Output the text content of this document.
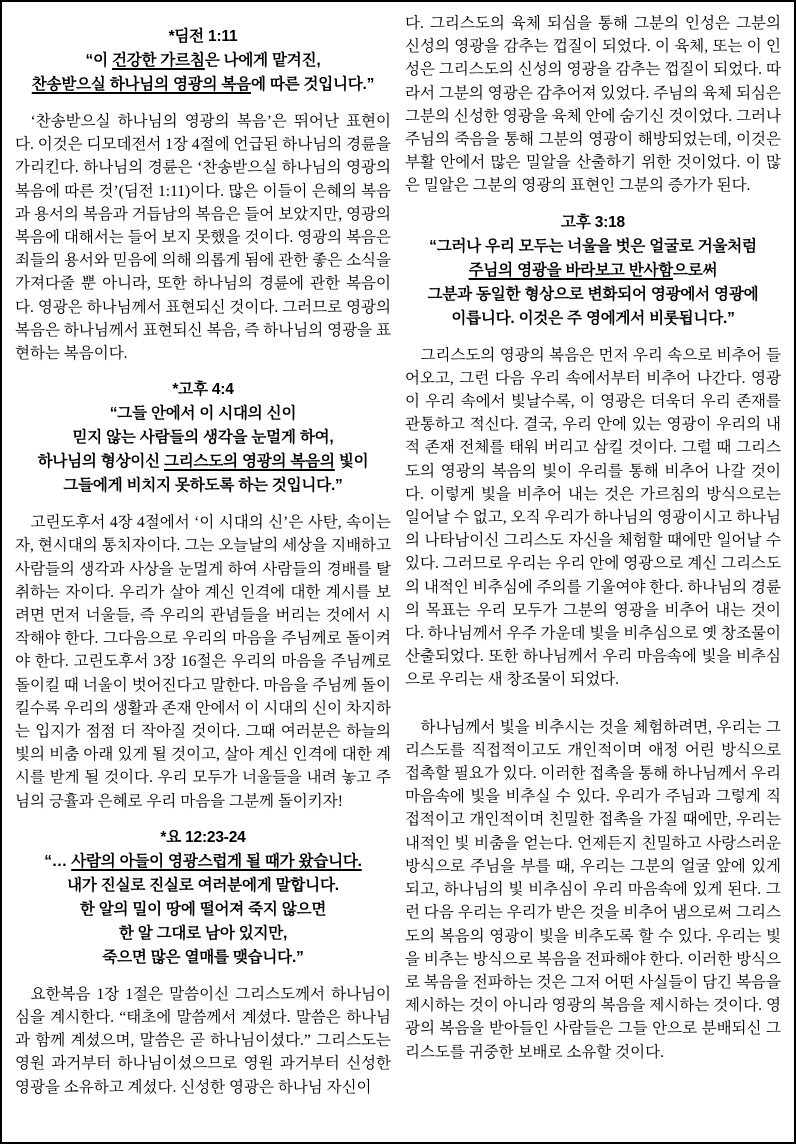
*딤전 1:11
“이 건강한 가르침은 나에게 맡겨진,
찬송받으실 하나님의 영광의 복음에 따른 것입니다.”

‘찬송받으실 하나님의 영광의 복음’은 뛰어난 표현이다. 이것은 디모데전서 1장 4절에 언급된 하나님의 경륜을 가리킨다. 하나님의 경륜은 ‘찬송받으실 하나님의 영광의 복음에 따른 것’(딤전 1:11)이다. 많은 이들이 은혜의 복음과 용서의 복음과 거듭남의 복음은 들어 보았지만, 영광의 복음에 대해서는 들어 보지 못했을 것이다. 영광의 복음은 죄들의 용서와 믿음에 의해 의롭게 됨에 관한 좋은 소식을 가져다줄 뿐 아니라, 또한 하나님의 경륜에 관한 복음이다. 영광은 하나님께서 표현되신 것이다. 그러므로 영광의 복음은 하나님께서 표현되신 복음, 즉 하나님의 영광을 표현하는 복음이다.

*고후 4:4
“그들 안에서 이 시대의 신이
믿지 않는 사람들의 생각을 눈멀게 하여,
하나님의 형상이신 그리스도의 영광의 복음의 빛이
그들에게 비치지 못하도록 하는 것입니다.”

고린도후서 4장 4절에서 ‘이 시대의 신’은 사탄, 속이는 자, 현시대의 통치자이다. 그는 오늘날의 세상을 지배하고 사람들의 생각과 사상을 눈멀게 하여 사람들의 경배를 탈취하는 자이다. 우리가 살아 계신 인격에 대한 계시를 보려면 먼저 너울들, 즉 우리의 관념들을 버리는 것에서 시작해야 한다. 그다음으로 우리의 마음을 주님께로 돌이켜야 한다. 고린도후서 3장 16절은 우리의 마음을 주님께로 돌이킬 때 너울이 벗어진다고 말한다. 마음을 주님께 돌이킬수록 우리의 생활과 존재 안에서 이 시대의 신이 차지하는 입지가 점점 더 작아질 것이다. 그때 여러분은 하늘의 빛의 비춤 아래 있게 될 것이고, 살아 계신 인격에 대한 계시를 받게 될 것이다. 우리 모두가 너울들을 내려 놓고 주님의 긍휼과 은혜로 우리 마음을 그분께 돌이키자!

*요 12:23-24
“… 사람의 아들이 영광스럽게 될 때가 왔습니다.
내가 진실로 진실로 여러분에게 말합니다.
한 알의 밀이 땅에 떨어져 죽지 않으면
한 알 그대로 남아 있지만,
죽으면 많은 열매를 맺습니다.”

요한복음 1장 1절은 말씀이신 그리스도께서 하나님이심을 계시한다. “태초에 말씀께서 계셨다. 말씀은 하나님과 함께 계셨으며, 말씀은 곧 하나님이셨다.” 그리스도는 영원 과거부터 하나님이셨으므로 영원 과거부터 신성한 영광을 소유하고 계셨다. 신성한 영광은 하나님 자신이

다. 그리스도의 육체 되심을 통해 그분의 인성은 그분의 신성의 영광을 감추는 껍질이 되었다. 이 육체, 또는 이 인성은 그리스도의 신성의 영광을 감추는 껍질이 되었다. 따라서 그분의 영광은 감추어져 있었다. 주님의 육체 되심은 그분의 신성한 영광을 육체 안에 숨기신 것이었다. 그러나 주님의 죽음을 통해 그분의 영광이 해방되었는데, 이것은 부활 안에서 많은 밀알을 산출하기 위한 것이었다. 이 많은 밀알은 그분의 영광의 표현인 그분의 증가가 된다.

고후 3:18
“그러나 우리 모두는 너울을 벗은 얼굴로 거울처럼
주님의 영광을 바라보고 반사함으로써
그분과 동일한 형상으로 변화되어 영광에서 영광에
이릅니다. 이것은 주 영에게서 비롯됩니다.”

그리스도의 영광의 복음은 먼저 우리 속으로 비추어 들어오고, 그런 다음 우리 속에서부터 비추어 나간다. 영광이 우리 속에서 빛날수록, 이 영광은 더욱더 우리 존재를 관통하고 적신다. 결국, 우리 안에 있는 영광이 우리의 내적 존재 전체를 태워 버리고 삼킬 것이다. 그럴 때 그리스도의 영광의 복음의 빛이 우리를 통해 비추어 나갈 것이다. 이렇게 빛을 비추어 내는 것은 가르침의 방식으로는 일어날 수 없고, 오직 우리가 하나님의 영광이시고 하나님의 나타남이신 그리스도 자신을 체험할 때에만 일어날 수 있다. 그러므로 우리는 우리 안에 영광으로 계신 그리스도의 내적인 비추심에 주의를 기울여야 한다. 하나님의 경륜의 목표는 우리 모두가 그분의 영광을 비추어 내는 것이다. 하나님께서 우주 가운데 빛을 비추심으로 옛 창조물이 산출되었다. 또한 하나님께서 우리 마음속에 빛을 비추심으로 우리는 새 창조물이 되었다.

하나님께서 빛을 비추시는 것을 체험하려면, 우리는 그리스도를 직접적이고도 개인적이며 애정 어린 방식으로 접촉할 필요가 있다. 이러한 접촉을 통해 하나님께서 우리 마음속에 빛을 비추실 수 있다. 우리가 주님과 그렇게 직접적이고 개인적이며 친밀한 접촉을 가질 때에만, 우리는 내적인 빛 비춤을 얻는다. 언제든지 친밀하고 사랑스러운 방식으로 주님을 부를 때, 우리는 그분의 얼굴 앞에 있게 되고, 하나님의 빛 비추심이 우리 마음속에 있게 된다. 그런 다음 우리는 우리가 받은 것을 비추어 냄으로써 그리스도의 복음의 영광이 빛을 비추도록 할 수 있다. 우리는 빛을 비추는 방식으로 복음을 전파해야 한다. 이러한 방식으로 복음을 전파하는 것은 그저 어떤 사실들이 담긴 복음을 제시하는 것이 아니라 영광의 복음을 제시하는 것이다. 영광의 복음을 받아들인 사람들은 그들 안으로 분배되신 그리스도를 귀중한 보배로 소유할 것이다.
